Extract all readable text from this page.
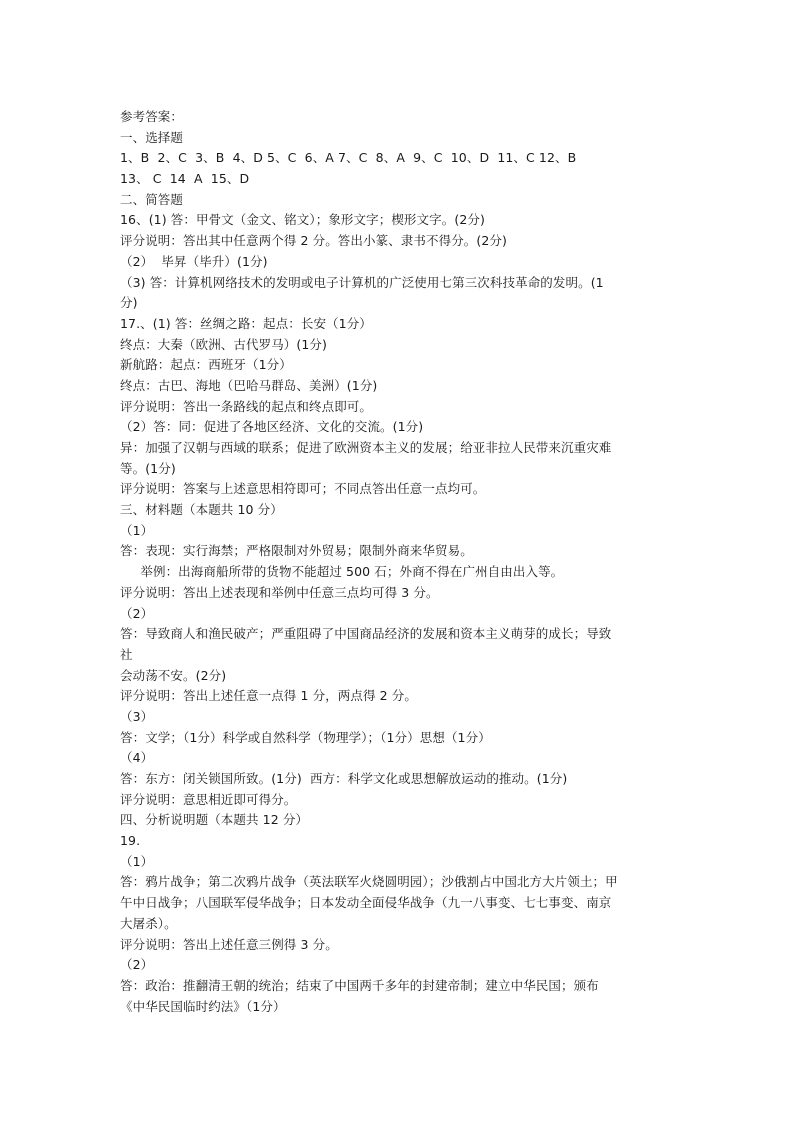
参考答案：
一、选择题
1、B  2、C  3、B  4、D 5、C  6、A 7、C  8、A  9、C  10、D  11、C 12、B
13、 C  14  A  15、D
二、简答题
16、(1) 答：甲骨文（金文、铭文）；象形文字；楔形文字。(2分)
评分说明：答出其中任意两个得 2 分。答出小篆、隶书不得分。(2分)
（2）  毕昇（毕升）(1分)
（3) 答：计算机网络技术的发明或电子计算机的广泛使用七第三次科技革命的发明。(1
分)
17.、(1) 答：丝绸之路：起点：长安（1分）
终点：大秦（欧洲、古代罗马）(1分)
新航路：起点：西班牙（1分）
终点：古巴、海地（巴哈马群岛、美洲）(1分)
评分说明：答出一条路线的起点和终点即可。
（2）答：同：促进了各地区经济、文化的交流。(1分)
异：加强了汉朝与西域的联系；促进了欧洲资本主义的发展；给亚非拉人民带来沉重灾难
等。(1分)
评分说明：答案与上述意思相符即可；不同点答出任意一点均可。
三、材料题（本题共 10 分）
（1）
答：表现：实行海禁；严格限制对外贸易；限制外商来华贸易。
举例：出海商船所带的货物不能超过 500 石；外商不得在广州自由出入等。
评分说明：答出上述表现和举例中任意三点均可得 3 分。
（2）
答：导致商人和渔民破产；严重阻碍了中国商品经济的发展和资本主义萌芽的成长；导致
社
会动荡不安。(2分)
评分说明：答出上述任意一点得 1 分，两点得 2 分。
（3）
答：文学；（1分）科学或自然科学（物理学）；（1分）思想（1分）
（4）
答：东方：闭关锁国所致。(1分)  西方：科学文化或思想解放运动的推动。(1分)
评分说明：意思相近即可得分。
四、分析说明题（本题共 12 分）
19.
（1）
答：鸦片战争；第二次鸦片战争（英法联军火烧圆明园）；沙俄割占中国北方大片领土；甲
午中日战争；八国联军侵华战争；日本发动全面侵华战争（九一八事变、七七事变、南京
大屠杀）。
评分说明：答出上述任意三例得 3 分。
（2）
答：政治：推翻清王朝的统治；结束了中国两千多年的封建帝制；建立中华民国；颁布
《中华民国临时约法》（1分）
